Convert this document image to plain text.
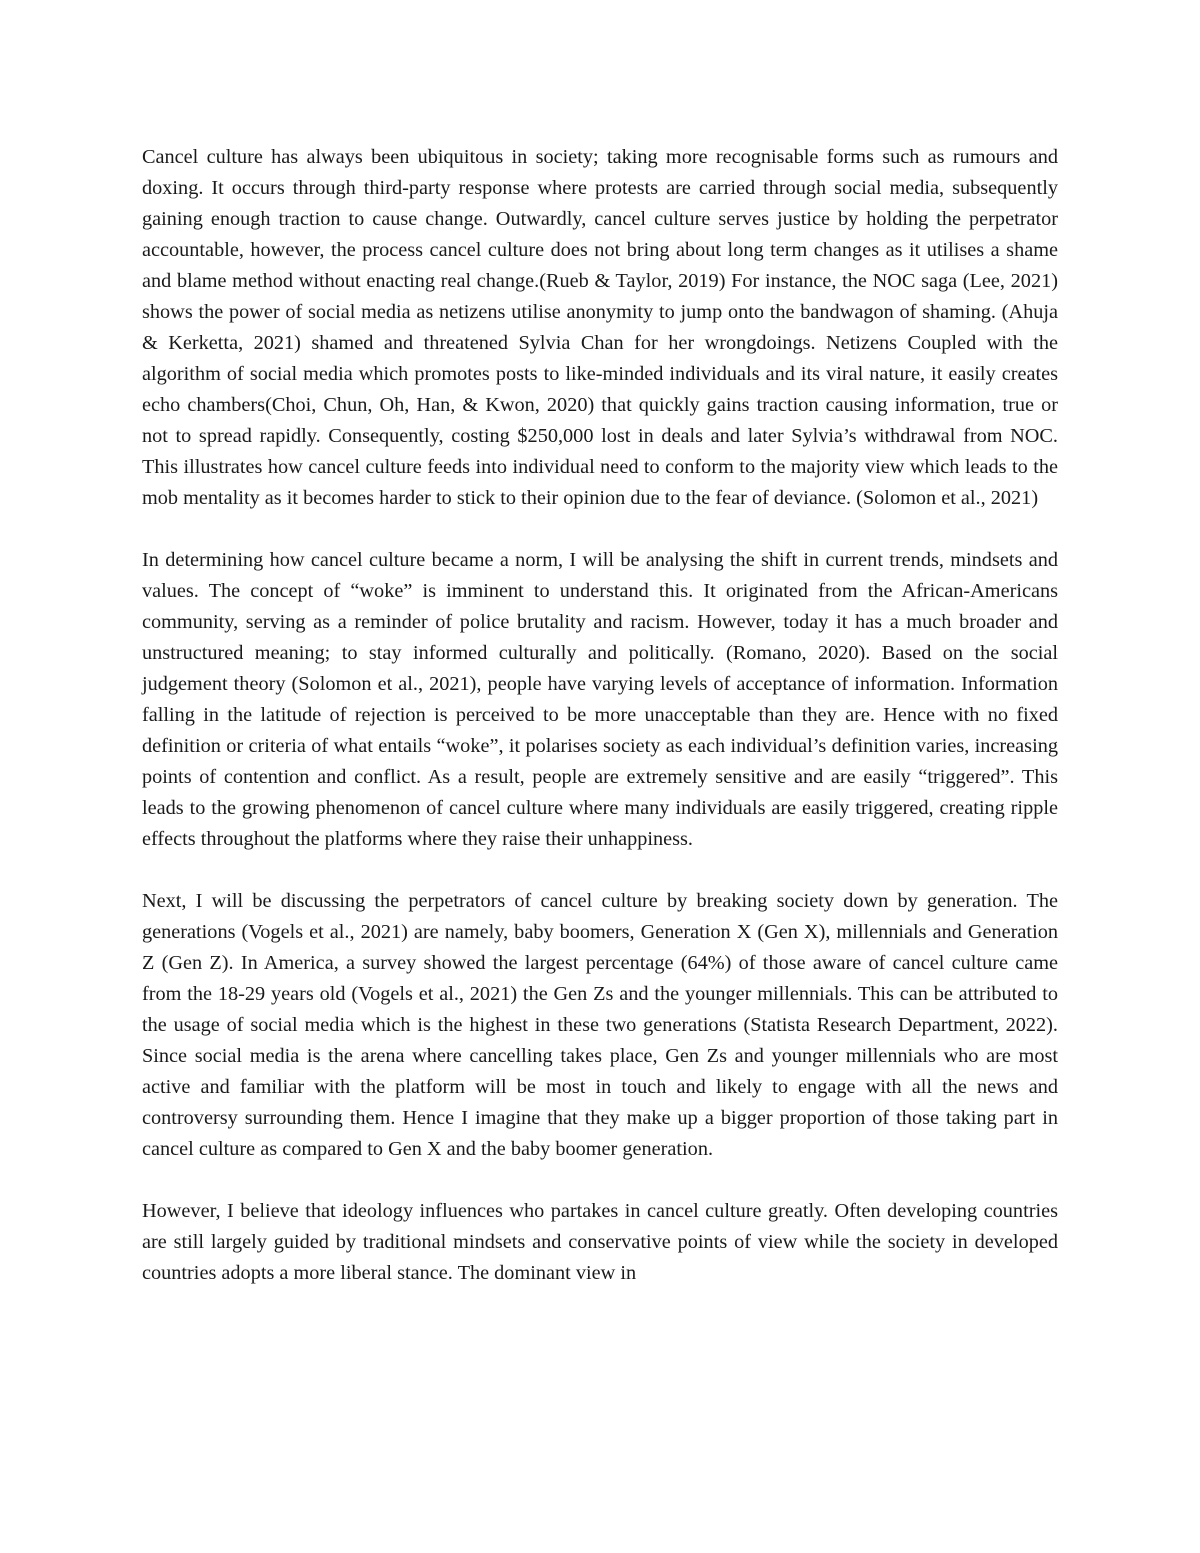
Cancel culture has always been ubiquitous in society; taking more recognisable forms such as rumours and doxing. It occurs through third-party response where protests are carried through social media, subsequently gaining enough traction to cause change. Outwardly, cancel culture serves justice by holding the perpetrator accountable, however, the process cancel culture does not bring about long term changes as it utilises a shame and blame method without enacting real change.(Rueb & Taylor, 2019) For instance, the NOC saga (Lee, 2021) shows the power of social media as netizens utilise anonymity to jump onto the bandwagon of shaming. (Ahuja & Kerketta, 2021) shamed and threatened Sylvia Chan for her wrongdoings. Netizens Coupled with the algorithm of social media which promotes posts to like-minded individuals and its viral nature, it easily creates echo chambers(Choi, Chun, Oh, Han, & Kwon, 2020) that quickly gains traction causing information, true or not to spread rapidly. Consequently, costing $250,000 lost in deals and later Sylvia’s withdrawal from NOC. This illustrates how cancel culture feeds into individual need to conform to the majority view which leads to the mob mentality as it becomes harder to stick to their opinion due to the fear of deviance. (Solomon et al., 2021)

In determining how cancel culture became a norm, I will be analysing the shift in current trends, mindsets and values. The concept of “woke” is imminent to understand this. It originated from the African-Americans community, serving as a reminder of police brutality and racism. However, today it has a much broader and unstructured meaning; to stay informed culturally and politically. (Romano, 2020). Based on the social judgement theory (Solomon et al., 2021), people have varying levels of acceptance of information. Information falling in the latitude of rejection is perceived to be more unacceptable than they are. Hence with no fixed definition or criteria of what entails “woke”, it polarises society as each individual’s definition varies, increasing points of contention and conflict. As a result, people are extremely sensitive and are easily “triggered”. This leads to the growing phenomenon of cancel culture where many individuals are easily triggered, creating ripple effects throughout the platforms where they raise their unhappiness.

Next, I will be discussing the perpetrators of cancel culture by breaking society down by generation. The generations (Vogels et al., 2021) are namely, baby boomers, Generation X (Gen X), millennials and Generation Z (Gen Z). In America, a survey showed the largest percentage (64%) of those aware of cancel culture came from the 18-29 years old (Vogels et al., 2021) the Gen Zs and the younger millennials. This can be attributed to the usage of social media which is the highest in these two generations (Statista Research Department, 2022). Since social media is the arena where cancelling takes place, Gen Zs and younger millennials who are most active and familiar with the platform will be most in touch and likely to engage with all the news and controversy surrounding them. Hence I imagine that they make up a bigger proportion of those taking part in cancel culture as compared to Gen X and the baby boomer generation.

However, I believe that ideology influences who partakes in cancel culture greatly. Often developing countries are still largely guided by traditional mindsets and conservative points of view while the society in developed countries adopts a more liberal stance. The dominant view in
